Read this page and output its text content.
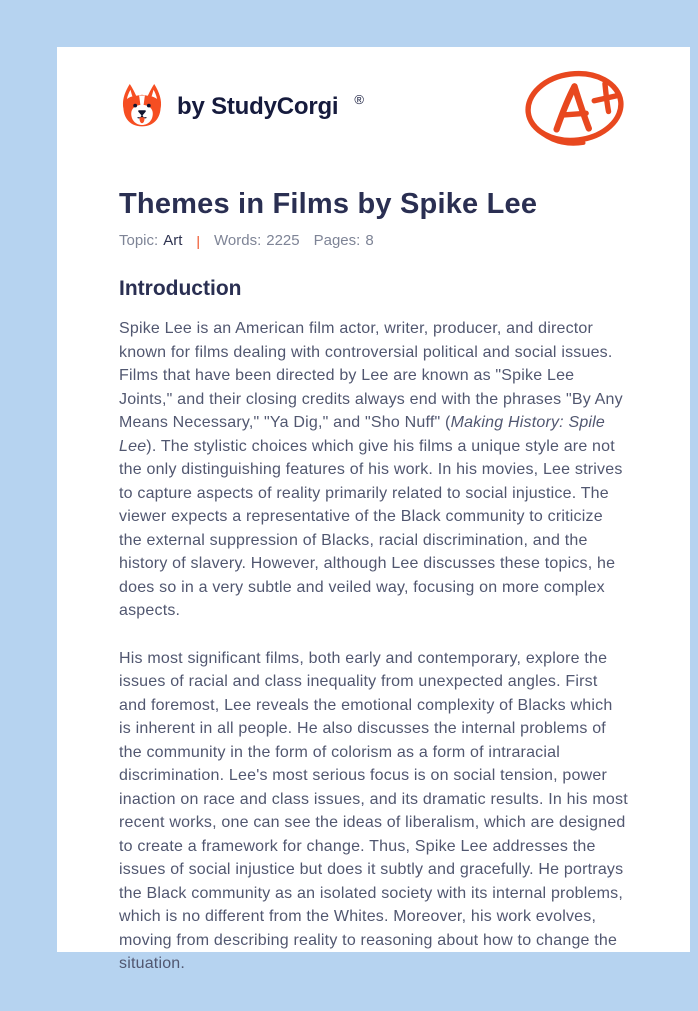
by StudyCorgi ®
Themes in Films by Spike Lee
Topic: Art | Words: 2225 Pages: 8
Introduction

Spike Lee is an American film actor, writer, producer, and director known for films dealing with controversial political and social issues. Films that have been directed by Lee are known as "Spike Lee Joints," and their closing credits always end with the phrases "By Any Means Necessary," "Ya Dig," and "Sho Nuff" (Making History: Spile Lee). The stylistic choices which give his films a unique style are not the only distinguishing features of his work. In his movies, Lee strives to capture aspects of reality primarily related to social injustice. The viewer expects a representative of the Black community to criticize the external suppression of Blacks, racial discrimination, and the history of slavery. However, although Lee discusses these topics, he does so in a very subtle and veiled way, focusing on more complex aspects.

His most significant films, both early and contemporary, explore the issues of racial and class inequality from unexpected angles. First and foremost, Lee reveals the emotional complexity of Blacks which is inherent in all people. He also discusses the internal problems of the community in the form of colorism as a form of intraracial discrimination. Lee's most serious focus is on social tension, power inaction on race and class issues, and its dramatic results. In his most recent works, one can see the ideas of liberalism, which are designed to create a framework for change. Thus, Spike Lee addresses the issues of social injustice but does it subtly and gracefully. He portrays the Black community as an isolated society with its internal problems, which is no different from the Whites. Moreover, his work evolves, moving from describing reality to reasoning about how to change the situation.
